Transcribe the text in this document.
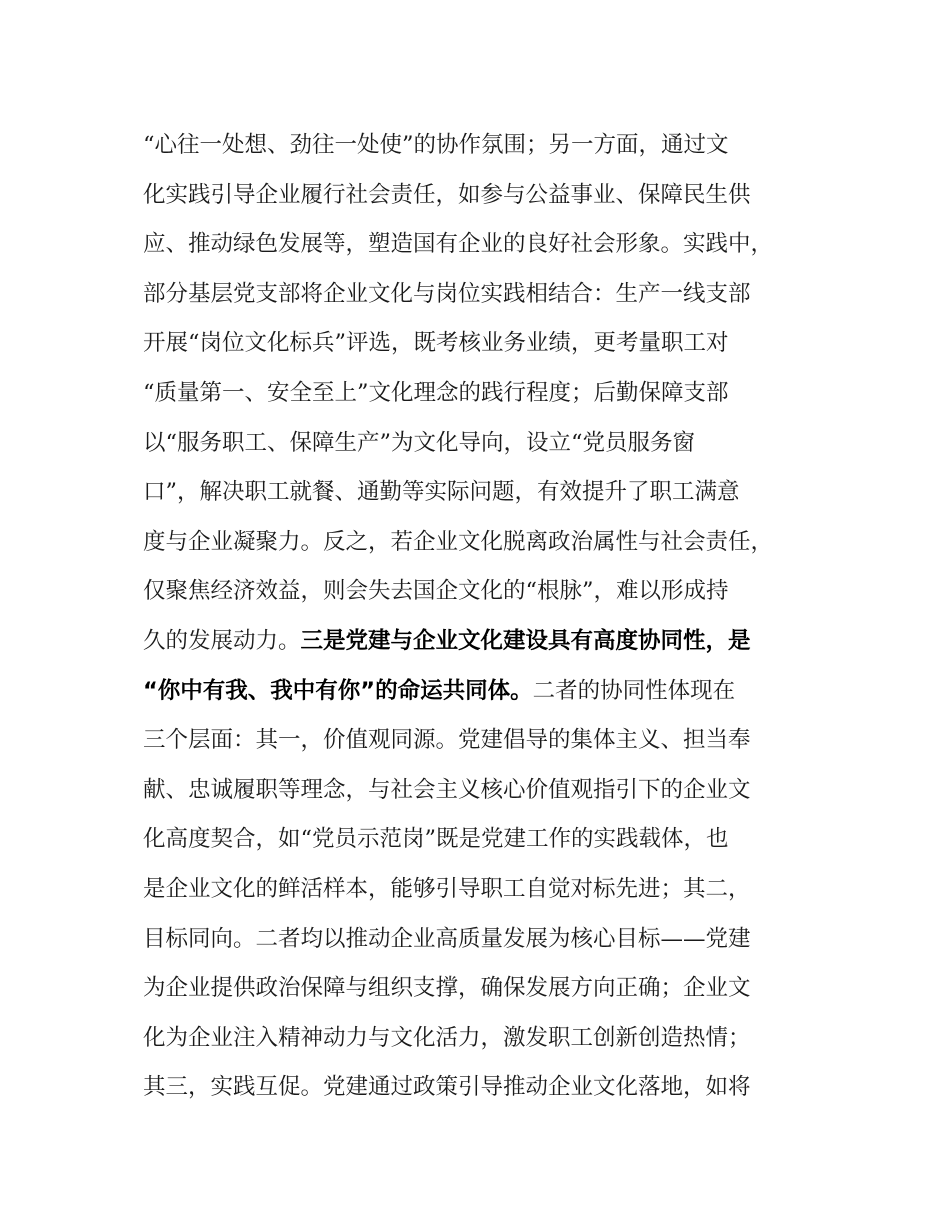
“心往一处想、劲往一处使”的协作氛围；另一方面，通过文
化实践引导企业履行社会责任，如参与公益事业、保障民生供
应、推动绿色发展等，塑造国有企业的良好社会形象。实践中，
部分基层党支部将企业文化与岗位实践相结合：生产一线支部
开展“岗位文化标兵”评选，既考核业务业绩，更考量职工对
“质量第一、安全至上”文化理念的践行程度；后勤保障支部
以“服务职工、保障生产”为文化导向，设立“党员服务窗
口”，解决职工就餐、通勤等实际问题，有效提升了职工满意
度与企业凝聚力。反之，若企业文化脱离政治属性与社会责任，
仅聚焦经济效益，则会失去国企文化的“根脉”，难以形成持
久的发展动力。三是党建与企业文化建设具有高度协同性，是
“你中有我、我中有你”的命运共同体。二者的协同性体现在
三个层面：其一，价值观同源。党建倡导的集体主义、担当奉
献、忠诚履职等理念，与社会主义核心价值观指引下的企业文
化高度契合，如“党员示范岗”既是党建工作的实践载体，也
是企业文化的鲜活样本，能够引导职工自觉对标先进；其二，
目标同向。二者均以推动企业高质量发展为核心目标——党建
为企业提供政治保障与组织支撑，确保发展方向正确；企业文
化为企业注入精神动力与文化活力，激发职工创新创造热情；
其三，实践互促。党建通过政策引导推动企业文化落地，如将
